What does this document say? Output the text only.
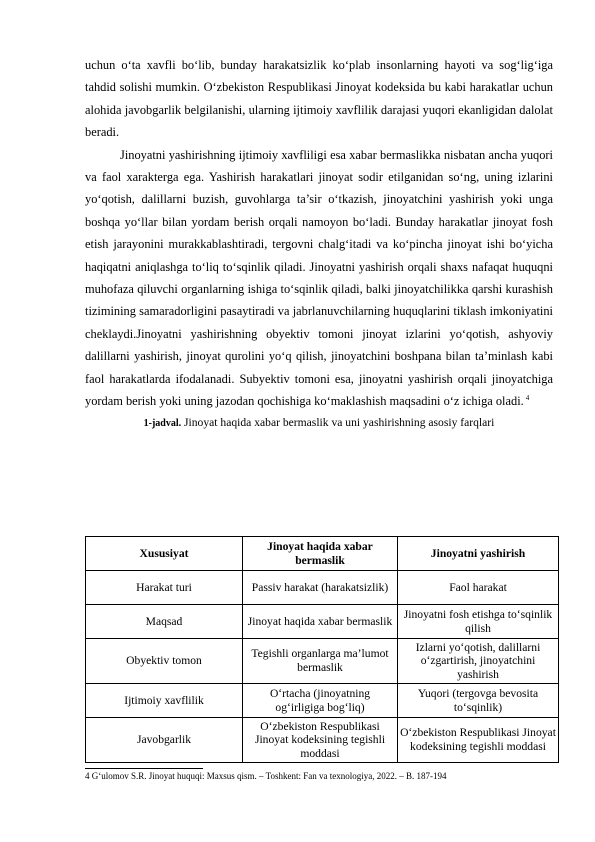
uchun o‘ta xavfli bo‘lib, bunday harakatsizlik ko‘plab insonlarning hayoti va sog‘lig‘iga tahdid solishi mumkin. O‘zbekiston Respublikasi Jinoyat kodeksida bu kabi harakatlar uchun alohida javobgarlik belgilanishi, ularning ijtimoiy xavflilik darajasi yuqori ekanligidan dalolat beradi.

Jinoyatni yashirishning ijtimoiy xavfliligi esa xabar bermaslikka nisbatan ancha yuqori va faol xarakterga ega. Yashirish harakatlari jinoyat sodir etilganidan so‘ng, uning izlarini yo‘qotish, dalillarni buzish, guvohlarga ta’sir o‘tkazish, jinoyatchini yashirish yoki unga boshqa yo‘llar bilan yordam berish orqali namoyon bo‘ladi. Bunday harakatlar jinoyat fosh etish jarayonini murakkablashtiradi, tergovni chalg‘itadi va ko‘pincha jinoyat ishi bo‘yicha haqiqatni aniqlashga to‘liq to‘sqinlik qiladi. Jinoyatni yashirish orqali shaxs nafaqat huquqni muhofaza qiluvchi organlarning ishiga to‘sqinlik qiladi, balki jinoyatchilikka qarshi kurashish tizimining samaradorligini pasaytiradi va jabrlanuvchilarning huquqlarini tiklash imkoniyatini cheklaydi.Jinoyatni yashirishning obyektiv tomoni jinoyat izlarini yo‘qotish, ashyoviy dalillarni yashirish, jinoyat qurolini yo‘q qilish, jinoyatchini boshpana bilan ta’minlash kabi faol harakatlarda ifodalanadi. Subyektiv tomoni esa, jinoyatni yashirish orqali jinoyatchiga yordam berish yoki uning jazodan qochishiga ko‘maklashish maqsadini o‘z ichiga oladi. $^4$

1-jadval. Jinoyat haqida xabar bermaslik va uni yashirishning asosiy farqlari

Xususiyat	Jinoyat haqida xabar bermaslik	Jinoyatni yashirish
Harakat turi	Passiv harakat (harakatsizlik)	Faol harakat
Maqsad	Jinoyat haqida xabar bermaslik	Jinoyatni fosh etishga to‘sqinlik qilish
Obyektiv tomon	Tegishli organlarga ma’lumot bermaslik	Izlarni yo‘qotish, dalillarni o‘zgartirish, jinoyatchini yashirish
Ijtimoiy xavflilik	O‘rtacha (jinoyatning og‘irligiga bog‘liq)	Yuqori (tergovga bevosita to‘sqinlik)
Javobgarlik	O‘zbekiston Respublikasi Jinoyat kodeksining tegishli moddasi	O‘zbekiston Respublikasi Jinoyat kodeksining tegishli moddasi
4 G‘ulomov S.R. Jinoyat huquqi: Maxsus qism. – Toshkent: Fan va texnologiya, 2022. – B. 187-194
